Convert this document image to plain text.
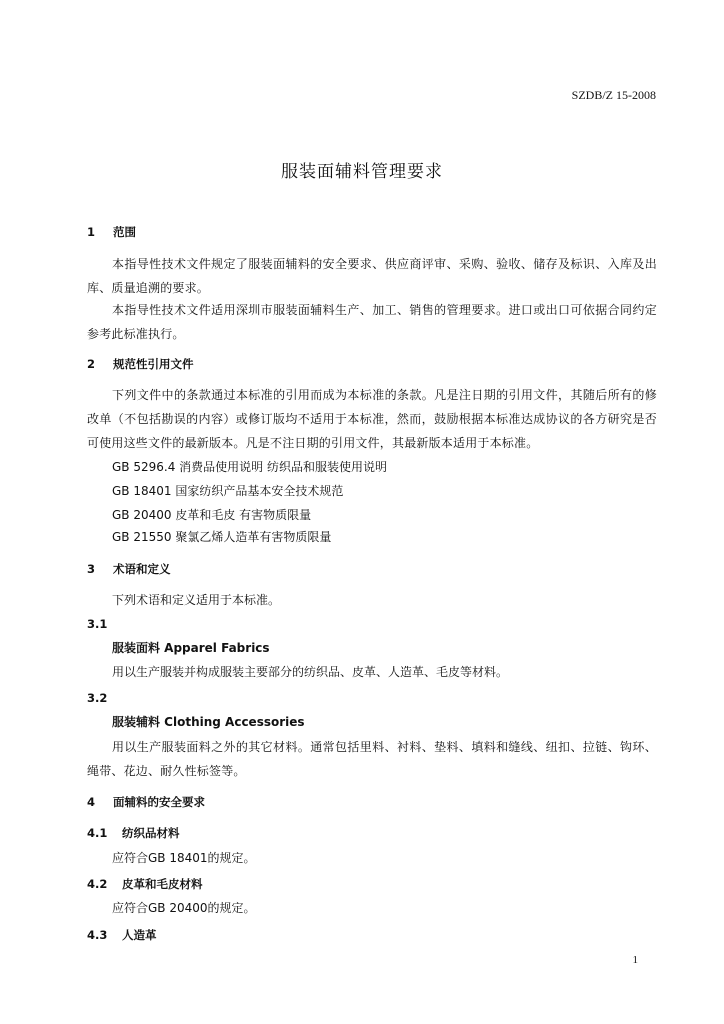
SZDB/Z 15-2008
服装面辅料管理要求
1 范围

本指导性技术文件规定了服装面辅料的安全要求、供应商评审、采购、验收、储存及标识、入库及出库、质量追溯的要求。

本指导性技术文件适用深圳市服装面辅料生产、加工、销售的管理要求。进口或出口可依据合同约定参考此标准执行。

2 规范性引用文件

下列文件中的条款通过本标准的引用而成为本标准的条款。凡是注日期的引用文件，其随后所有的修改单（不包括勘误的内容）或修订版均不适用于本标准，然而，鼓励根据本标准达成协议的各方研究是否可使用这些文件的最新版本。凡是不注日期的引用文件，其最新版本适用于本标准。

GB 5296.4 消费品使用说明 纺织品和服装使用说明
GB 18401 国家纺织产品基本安全技术规范
GB 20400 皮革和毛皮 有害物质限量
GB 21550 聚氯乙烯人造革有害物质限量
3 术语和定义
下列术语和定义适用于本标准。
3.1
服装面料 Apparel Fabrics
用以生产服装并构成服装主要部分的纺织品、皮革、人造革、毛皮等材料。
3.2
服装辅料 Clothing Accessories

用以生产服装面料之外的其它材料。通常包括里料、衬料、垫料、填料和缝线、纽扣、拉链、钩环、绳带、花边、耐久性标签等。

4 面辅料的安全要求
4.1 纺织品材料
应符合GB 18401的规定。
4.2 皮革和毛皮材料
应符合GB 20400的规定。
4.3 人造革
1
